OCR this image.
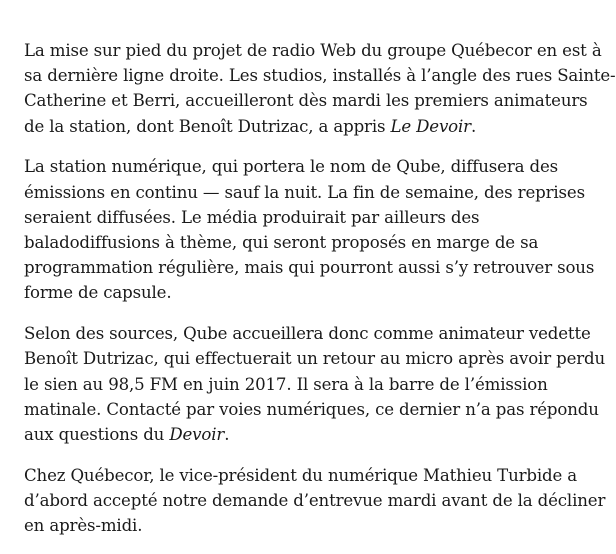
La mise sur pied du projet de radio Web du groupe Québecor en est à
sa dernière ligne droite. Les studios, installés à l’angle des rues Sainte-
Catherine et Berri, accueilleront dès mardi les premiers animateurs
de la station, dont Benoît Dutrizac, a appris Le Devoir.

La station numérique, qui portera le nom de Qube, diffusera des
émissions en continu — sauf la nuit. La fin de semaine, des reprises
seraient diffusées. Le média produirait par ailleurs des
baladodiffusions à thème, qui seront proposés en marge de sa
programmation régulière, mais qui pourront aussi s’y retrouver sous
forme de capsule.

Selon des sources, Qube accueillera donc comme animateur vedette
Benoît Dutrizac, qui effectuerait un retour au micro après avoir perdu
le sien au 98,5 FM en juin 2017. Il sera à la barre de l’émission
matinale. Contacté par voies numériques, ce dernier n’a pas répondu
aux questions du Devoir.

Chez Québecor, le vice-président du numérique Mathieu Turbide a
d’abord accepté notre demande d’entrevue mardi avant de la décliner
en après-midi.
